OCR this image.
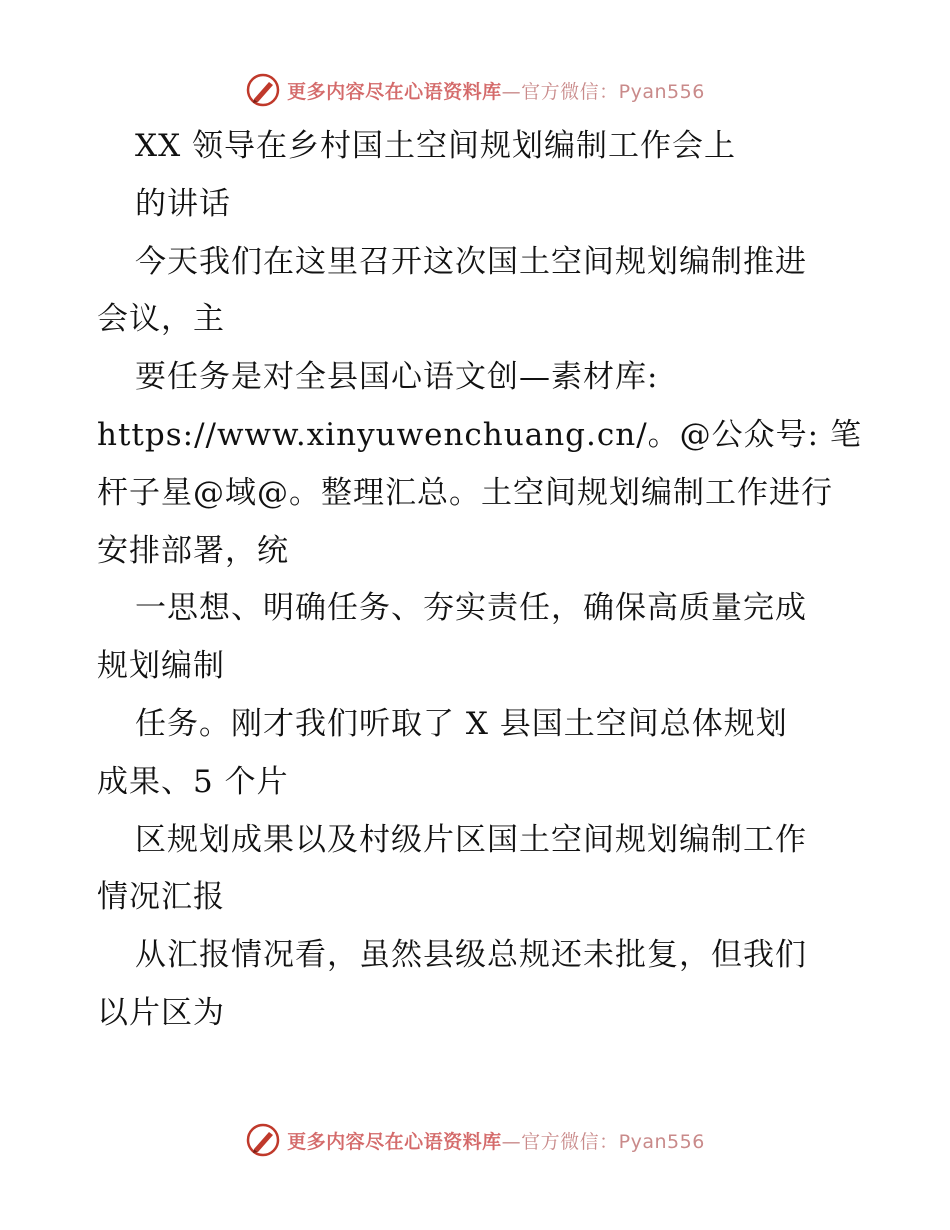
更多内容尽在心语资料库—官方微信：Pyan556
XX 领导在乡村国土空间规划编制工作会上
的讲话
今天我们在这里召开这次国土空间规划编制推进
会议，主
要任务是对全县国心语文创—素材库:
https://www.xinyuwenchuang.cn/。@公众号: 笔
杆子星@域@。整理汇总。土空间规划编制工作进行
安排部署，统
一思想、明确任务、夯实责任，确保高质量完成
规划编制
任务。刚才我们听取了 X 县国土空间总体规划
成果、5 个片
区规划成果以及村级片区国土空间规划编制工作
情况汇报
从汇报情况看，虽然县级总规还未批复，但我们
以片区为
更多内容尽在心语资料库—官方微信：Pyan556
